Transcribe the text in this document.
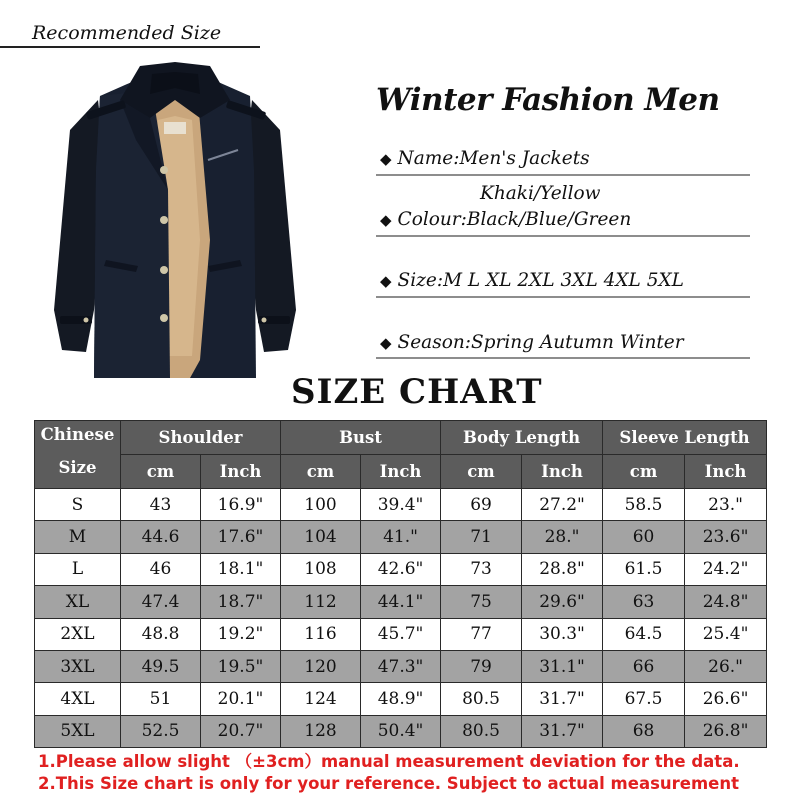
Recommended Size
Winter Fashion Men
◆ Name:Men's Jackets
Khaki/Yellow
◆ Colour:Black/Blue/Green
◆ Size:M L XL 2XL 3XL 4XL 5XL
◆ Season:Spring Autumn Winter
SIZE CHART
Chinese
Size	Shoulder		Bust		Body Length		Sleeve Length	
	cm	Inch	cm	Inch	cm	Inch	cm	Inch
S	43	16.9"	100	39.4"	69	27.2"	58.5	23."
M	44.6	17.6"	104	41."	71	28."	60	23.6"
L	46	18.1"	108	42.6"	73	28.8"	61.5	24.2"
XL	47.4	18.7"	112	44.1"	75	29.6"	63	24.8"
2XL	48.8	19.2"	116	45.7"	77	30.3"	64.5	25.4"
3XL	49.5	19.5"	120	47.3"	79	31.1"	66	26."
4XL	51	20.1"	124	48.9"	80.5	31.7"	67.5	26.6"
5XL	52.5	20.7"	128	50.4"	80.5	31.7"	68	26.8"
1.Please allow slight （±3cm）manual measurement deviation for the data.
2.This Size chart is only for your reference. Subject to actual measurement
